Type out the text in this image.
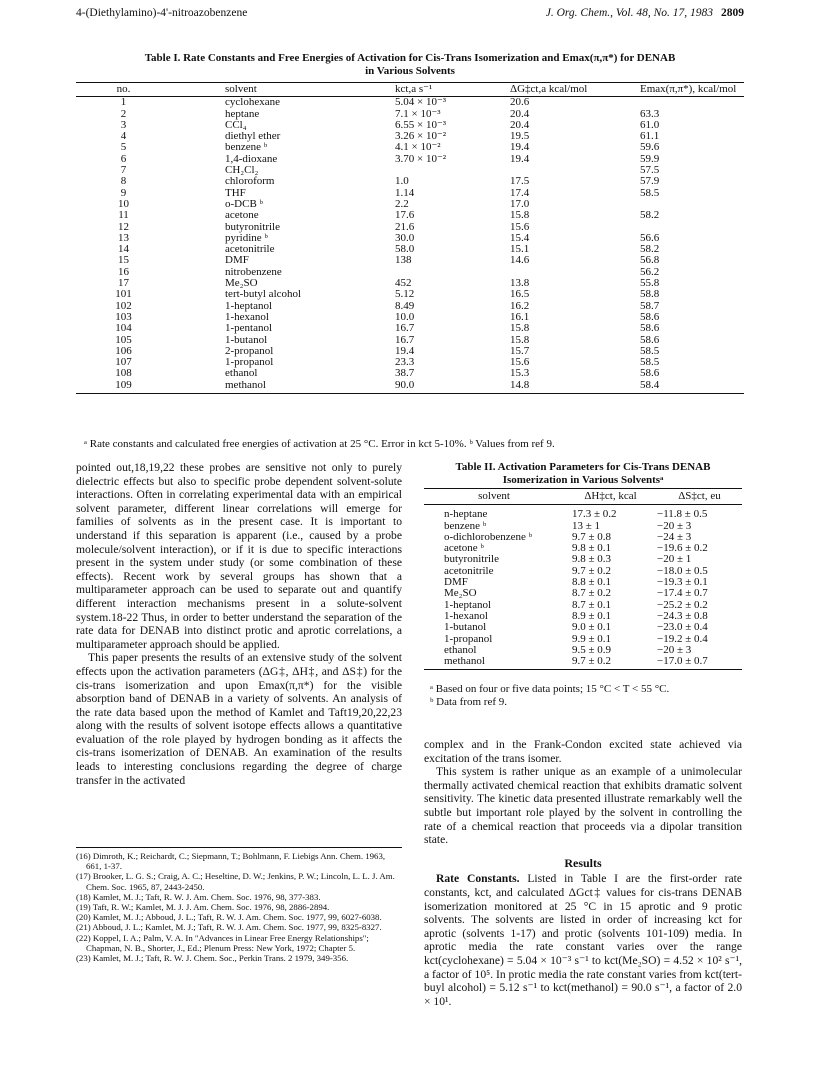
4-(Diethylamino)-4'-nitroazobenzene	J. Org. Chem., Vol. 48, No. 17, 1983 2809
Table I. Rate Constants and Free Energies of Activation for Cis-Trans Isomerization and Emax(π,π*) for DENAB
in Various Solvents
no.	solvent	kct,a s⁻¹	ΔG‡ct,a kcal/mol	Emax(π,π*), kcal/mol
1	cyclohexane	5.04 × 10⁻³	20.6	
2	heptane	7.1 × 10⁻³	20.4	63.3
3	CCl₄	6.55 × 10⁻³	20.4	61.0
4	diethyl ether	3.26 × 10⁻²	19.5	61.1
5	benzene ᵇ	4.1 × 10⁻²	19.4	59.6
6	1,4-dioxane	3.70 × 10⁻²	19.4	59.9
7	CH₂Cl₂			57.5
8	chloroform	1.0	17.5	57.9
9	THF	1.14	17.4	58.5
10	o-DCB ᵇ	2.2	17.0	
11	acetone	17.6	15.8	58.2
12	butyronitrile	21.6	15.6	
13	pyridine ᵇ	30.0	15.4	56.6
14	acetonitrile	58.0	15.1	58.2
15	DMF	138	14.6	56.8
16	nitrobenzene			56.2
17	Me₂SO	452	13.8	55.8
101	tert-butyl alcohol	5.12	16.5	58.8
102	1-heptanol	8.49	16.2	58.7
103	1-hexanol	10.0	16.1	58.6
104	1-pentanol	16.7	15.8	58.6
105	1-butanol	16.7	15.8	58.6
106	2-propanol	19.4	15.7	58.5
107	1-propanol	23.3	15.6	58.5
108	ethanol	38.7	15.3	58.6
109	methanol	90.0	14.8	58.4
ᵃ Rate constants and calculated free energies of activation at 25 °C. Error in kct 5-10%. ᵇ Values from ref 9.

pointed out,18,19,22 these probes are sensitive not only to purely dielectric effects but also to specific probe dependent solvent-solute interactions. Often in correlating experimental data with an empirical solvent parameter, different linear correlations will emerge for families of solvents as in the present case. It is important to understand if this separation is apparent (i.e., caused by a probe molecule/solvent interaction), or if it is due to specific interactions present in the system under study (or some combination of these effects). Recent work by several groups has shown that a multiparameter approach can be used to separate out and quantify different interaction mechanisms present in a solute-solvent system.18-22 Thus, in order to better understand the separation of the rate data for DENAB into distinct protic and aprotic correlations, a multiparameter approach should be applied.

This paper presents the results of an extensive study of the solvent effects upon the activation parameters (ΔG‡, ΔH‡, and ΔS‡) for the cis-trans isomerization and upon Emax(π,π*) for the visible absorption band of DENAB in a variety of solvents. An analysis of the rate data based upon the method of Kamlet and Taft19,20,22,23 along with the results of solvent isotope effects allows a quantitative evaluation of the role played by hydrogen bonding as it affects the cis-trans isomerization of DENAB. An examination of the results leads to interesting conclusions regarding the degree of charge transfer in the activated

(16) Dimroth, K.; Reichardt, C.; Siepmann, T.; Bohlmann, F. Liebigs Ann. Chem. 1963, 661, 1-37.
(17) Brooker, L. G. S.; Craig, A. C.; Heseltine, D. W.; Jenkins, P. W.; Lincoln, L. L. J. Am. Chem. Soc. 1965, 87, 2443-2450.
(18) Kamlet, M. J.; Taft, R. W. J. Am. Chem. Soc. 1976, 98, 377-383.
(19) Taft, R. W.; Kamlet, M. J. J. Am. Chem. Soc. 1976, 98, 2886-2894.
(20) Kamlet, M. J.; Abboud, J. L.; Taft, R. W. J. Am. Chem. Soc. 1977, 99, 6027-6038.
(21) Abboud, J. L.; Kamlet, M. J.; Taft, R. W. J. Am. Chem. Soc. 1977, 99, 8325-8327.
(22) Koppel, I. A.; Palm, V. A. In "Advances in Linear Free Energy Relationships"; Chapman, N. B., Shorter, J., Ed.; Plenum Press: New York, 1972; Chapter 5.
(23) Kamlet, M. J.; Taft, R. W. J. Chem. Soc., Perkin Trans. 2 1979, 349-356.
Table II. Activation Parameters for Cis-Trans DENAB
Isomerization in Various Solventsᵃ
solvent	ΔH‡ct, kcal	ΔS‡ct, eu
n-heptane	17.3 ± 0.2	−11.8 ± 0.5
benzene ᵇ	13 ± 1	−20 ± 3
o-dichlorobenzene ᵇ	9.7 ± 0.8	−24 ± 3
acetone ᵇ	9.8 ± 0.1	−19.6 ± 0.2
butyronitrile	9.8 ± 0.3	−20 ± 1
acetonitrile	9.7 ± 0.2	−18.0 ± 0.5
DMF	8.8 ± 0.1	−19.3 ± 0.1
Me₂SO	8.7 ± 0.2	−17.4 ± 0.7
1-heptanol	8.7 ± 0.1	−25.2 ± 0.2
1-hexanol	8.9 ± 0.1	−24.3 ± 0.8
1-butanol	9.0 ± 0.1	−23.0 ± 0.4
1-propanol	9.9 ± 0.1	−19.2 ± 0.4
ethanol	9.5 ± 0.9	−20 ± 3
methanol	9.7 ± 0.2	−17.0 ± 0.7
ᵃ Based on four or five data points; 15 °C < T < 55 °C.
ᵇ Data from ref 9.

complex and in the Frank-Condon excited state achieved via excitation of the trans isomer.

This system is rather unique as an example of a unimolecular thermally activated chemical reaction that exhibits dramatic solvent sensitivity. The kinetic data presented illustrate remarkably well the subtle but important role played by the solvent in controlling the rate of a chemical reaction that proceeds via a dipolar transition state.

Results

Rate Constants. Listed in Table I are the first-order rate constants, kct, and calculated ΔGct‡ values for cis-trans DENAB isomerization monitored at 25 °C in 15 aprotic and 9 protic solvents. The solvents are listed in order of increasing kct for aprotic (solvents 1-17) and protic (solvents 101-109) media. In aprotic media the rate constant varies over the range kct(cyclohexane) = 5.04 × 10⁻³ s⁻¹ to kct(Me₂SO) = 4.52 × 10² s⁻¹, a factor of 10⁵. In protic media the rate constant varies from kct(tert-buyl alcohol) = 5.12 s⁻¹ to kct(methanol) = 90.0 s⁻¹, a factor of 2.0 × 10¹.
